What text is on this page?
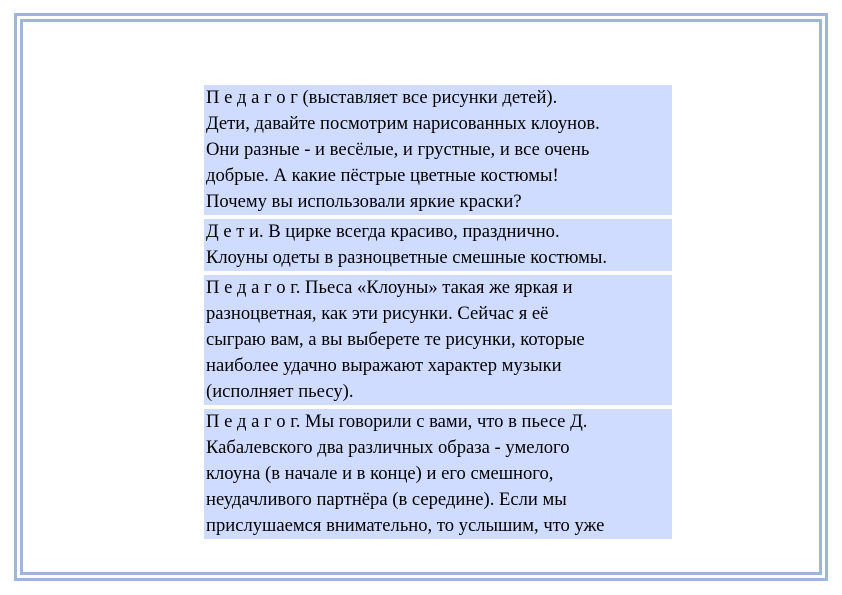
П е д а г о г (выставляет все рисунки детей).
Дети, давайте посмотрим нарисованных клоунов.
Они разные - и весёлые, и грустные, и все очень
добрые. А какие пёстрые цветные костюмы!
Почему вы использовали яркие краски?
Д е т и. В цирке всегда красиво, празднично.
Клоуны одеты в разноцветные смешные костюмы.
П е д а г о г. Пьеса «Клоуны» такая же яркая и
разноцветная, как эти рисунки. Сейчас я её
сыграю вам, а вы выберете те рисунки, которые
наиболее удачно выражают характер музыки
(исполняет пьесу).
П е д а г о г. Мы говорили с вами, что в пьесе Д.
Кабалевского два различных образа - умелого
клоуна (в начале и в конце) и его смешного,
неудачливого партнёра (в середине). Если мы
прислушаемся внимательно, то услышим, что уже
